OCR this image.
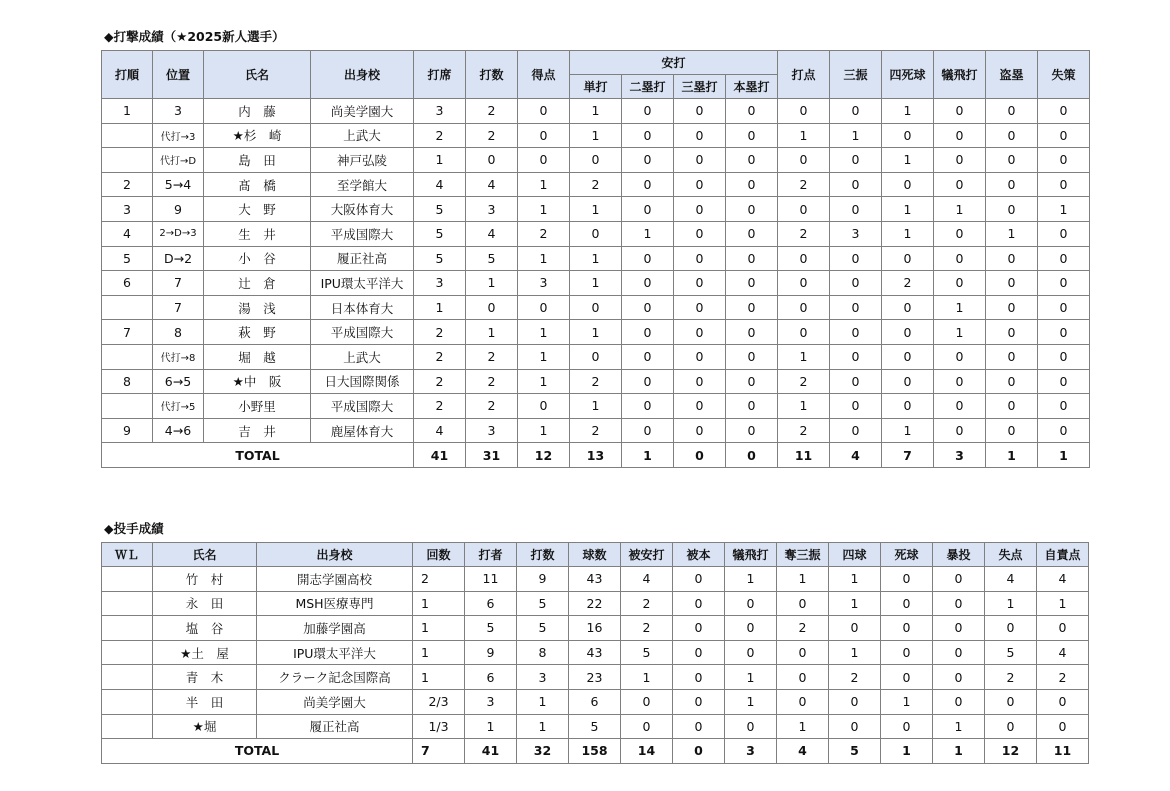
◆打撃成績（★2025新人選手）
打順	位置	氏名	出身校	打席	打数	得点	安打				打点	三振	四死球	犠飛打	盗塁	失策
							単打	二塁打	三塁打	本塁打						
1	3	内　藤	尚美学園大	3	2	0	1	0	0	0	0	0	1	0	0	0
	代打→3	★杉　崎	上武大	2	2	0	1	0	0	0	1	1	0	0	0	0
	代打→D	島　田	神戸弘陵	1	0	0	0	0	0	0	0	0	1	0	0	0
2	5→4	髙　橋	至学館大	4	4	1	2	0	0	0	2	0	0	0	0	0
3	9	大　野	大阪体育大	5	3	1	1	0	0	0	0	0	1	1	0	1
4	2→D→3	生　井	平成国際大	5	4	2	0	1	0	0	2	3	1	0	1	0
5	D→2	小　谷	履正社高	5	5	1	1	0	0	0	0	0	0	0	0	0
6	7	辻　倉	IPU環太平洋大	3	1	3	1	0	0	0	0	0	2	0	0	0
	7	湯　浅	日本体育大	1	0	0	0	0	0	0	0	0	0	1	0	0
7	8	萩　野	平成国際大	2	1	1	1	0	0	0	0	0	0	1	0	0
	代打→8	堀　越	上武大	2	2	1	0	0	0	0	1	0	0	0	0	0
8	6→5	★中　阪	日大国際関係	2	2	1	2	0	0	0	2	0	0	0	0	0
	代打→5	小野里	平成国際大	2	2	0	1	0	0	0	1	0	0	0	0	0
9	4→6	吉　井	鹿屋体育大	4	3	1	2	0	0	0	2	0	1	0	0	0
TOTAL				41	31	12	13	1	0	0	11	4	7	3	1	1
◆投手成績
ＷＬ	氏名	出身校	回数	打者	打数	球数	被安打	被本	犠飛打	奪三振	四球	死球	暴投	失点	自責点
	竹　村	開志学園高校	2	11	9	43	4	0	1	1	1	0	0	4	4
	永　田	MSH医療専門	1	6	5	22	2	0	0	0	1	0	0	1	1
	塩　谷	加藤学園高	1	5	5	16	2	0	0	2	0	0	0	0	0
	★土　屋	IPU環太平洋大	1	9	8	43	5	0	0	0	1	0	0	5	4
	青　木	クラーク記念国際高	1	6	3	23	1	0	1	0	2	0	0	2	2
	半　田	尚美学園大	2/3	3	1	6	0	0	1	0	0	1	0	0	0
	★堀	履正社高	1/3	1	1	5	0	0	0	1	0	0	1	0	0
TOTAL			7	41	32	158	14	0	3	4	5	1	1	12	11
